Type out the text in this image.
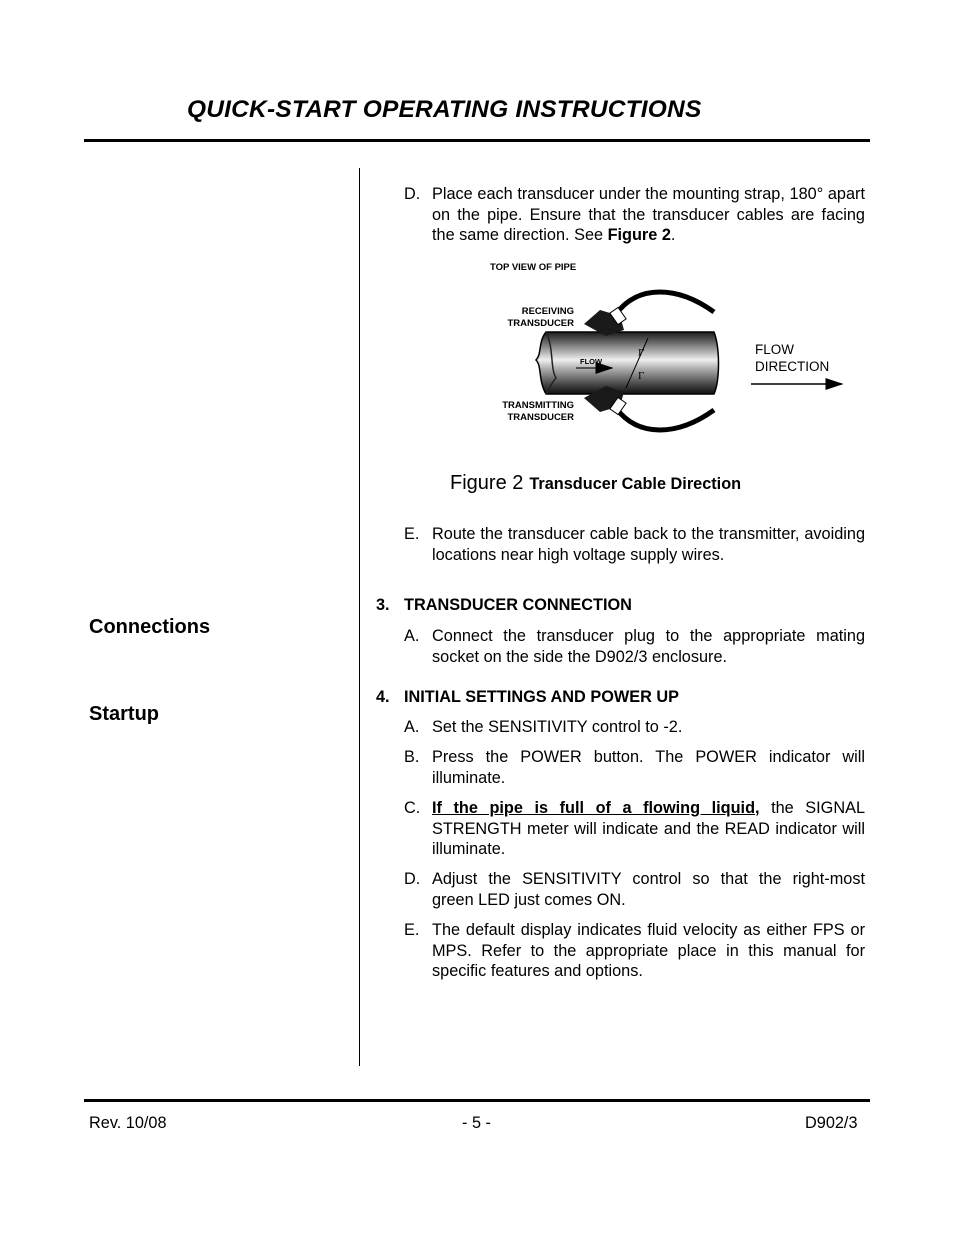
QUICK-START OPERATING INSTRUCTIONS
Connections
Startup
D. Place each transducer under the mounting strap, 180° apart on the pipe. Ensure that the transducer cables are facing the same direction. See Figure 2.
TOP VIEW OF PIPE
Γ
Γ
FLOW
RECEIVING
TRANSDUCER
TRANSMITTING
TRANSDUCER
FLOW
DIRECTION
Figure 2 Transducer Cable Direction
E. Route the transducer cable back to the transmitter, avoiding locations near high voltage supply wires.
3. TRANSDUCER CONNECTION
A. Connect the transducer plug to the appropriate mating socket on the side the D902/3 enclosure.
4. INITIAL SETTINGS AND POWER UP
A. Set the SENSITIVITY control to -2.
B. Press the POWER button. The POWER indicator will illuminate.
C. If the pipe is full of a flowing liquid, the SIGNAL STRENGTH meter will indicate and the READ indicator will illuminate.
D. Adjust the SENSITIVITY control so that the right-most green LED just comes ON.
E. The default display indicates fluid velocity as either FPS or MPS. Refer to the appropriate place in this manual for specific features and options.
Rev. 10/08	- 5 -	D902/3
